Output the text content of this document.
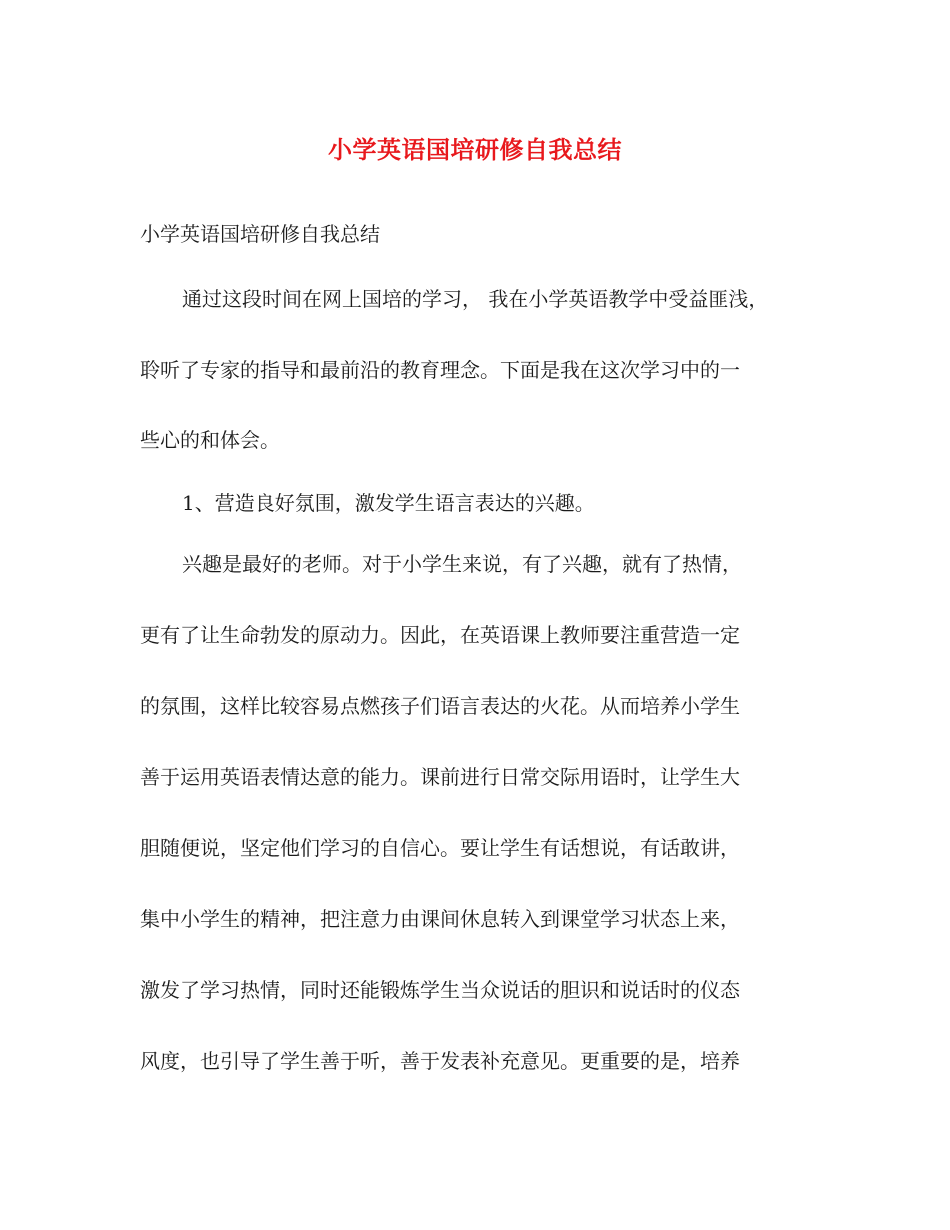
小学英语国培研修自我总结
小学英语国培研修自我总结
通过这段时间在网上国培的学习， 我在小学英语教学中受益匪浅，
聆听了专家的指导和最前沿的教育理念。下面是我在这次学习中的一
些心的和体会。
1、营造良好氛围，激发学生语言表达的兴趣。
兴趣是最好的老师。对于小学生来说，有了兴趣，就有了热情，
更有了让生命勃发的原动力。因此，在英语课上教师要注重营造一定
的氛围，这样比较容易点燃孩子们语言表达的火花。从而培养小学生
善于运用英语表情达意的能力。课前进行日常交际用语时，让学生大
胆随便说，坚定他们学习的自信心。要让学生有话想说，有话敢讲，
集中小学生的精神，把注意力由课间休息转入到课堂学习状态上来，
激发了学习热情，同时还能锻炼学生当众说话的胆识和说话时的仪态
风度，也引导了学生善于听，善于发表补充意见。更重要的是，培养
